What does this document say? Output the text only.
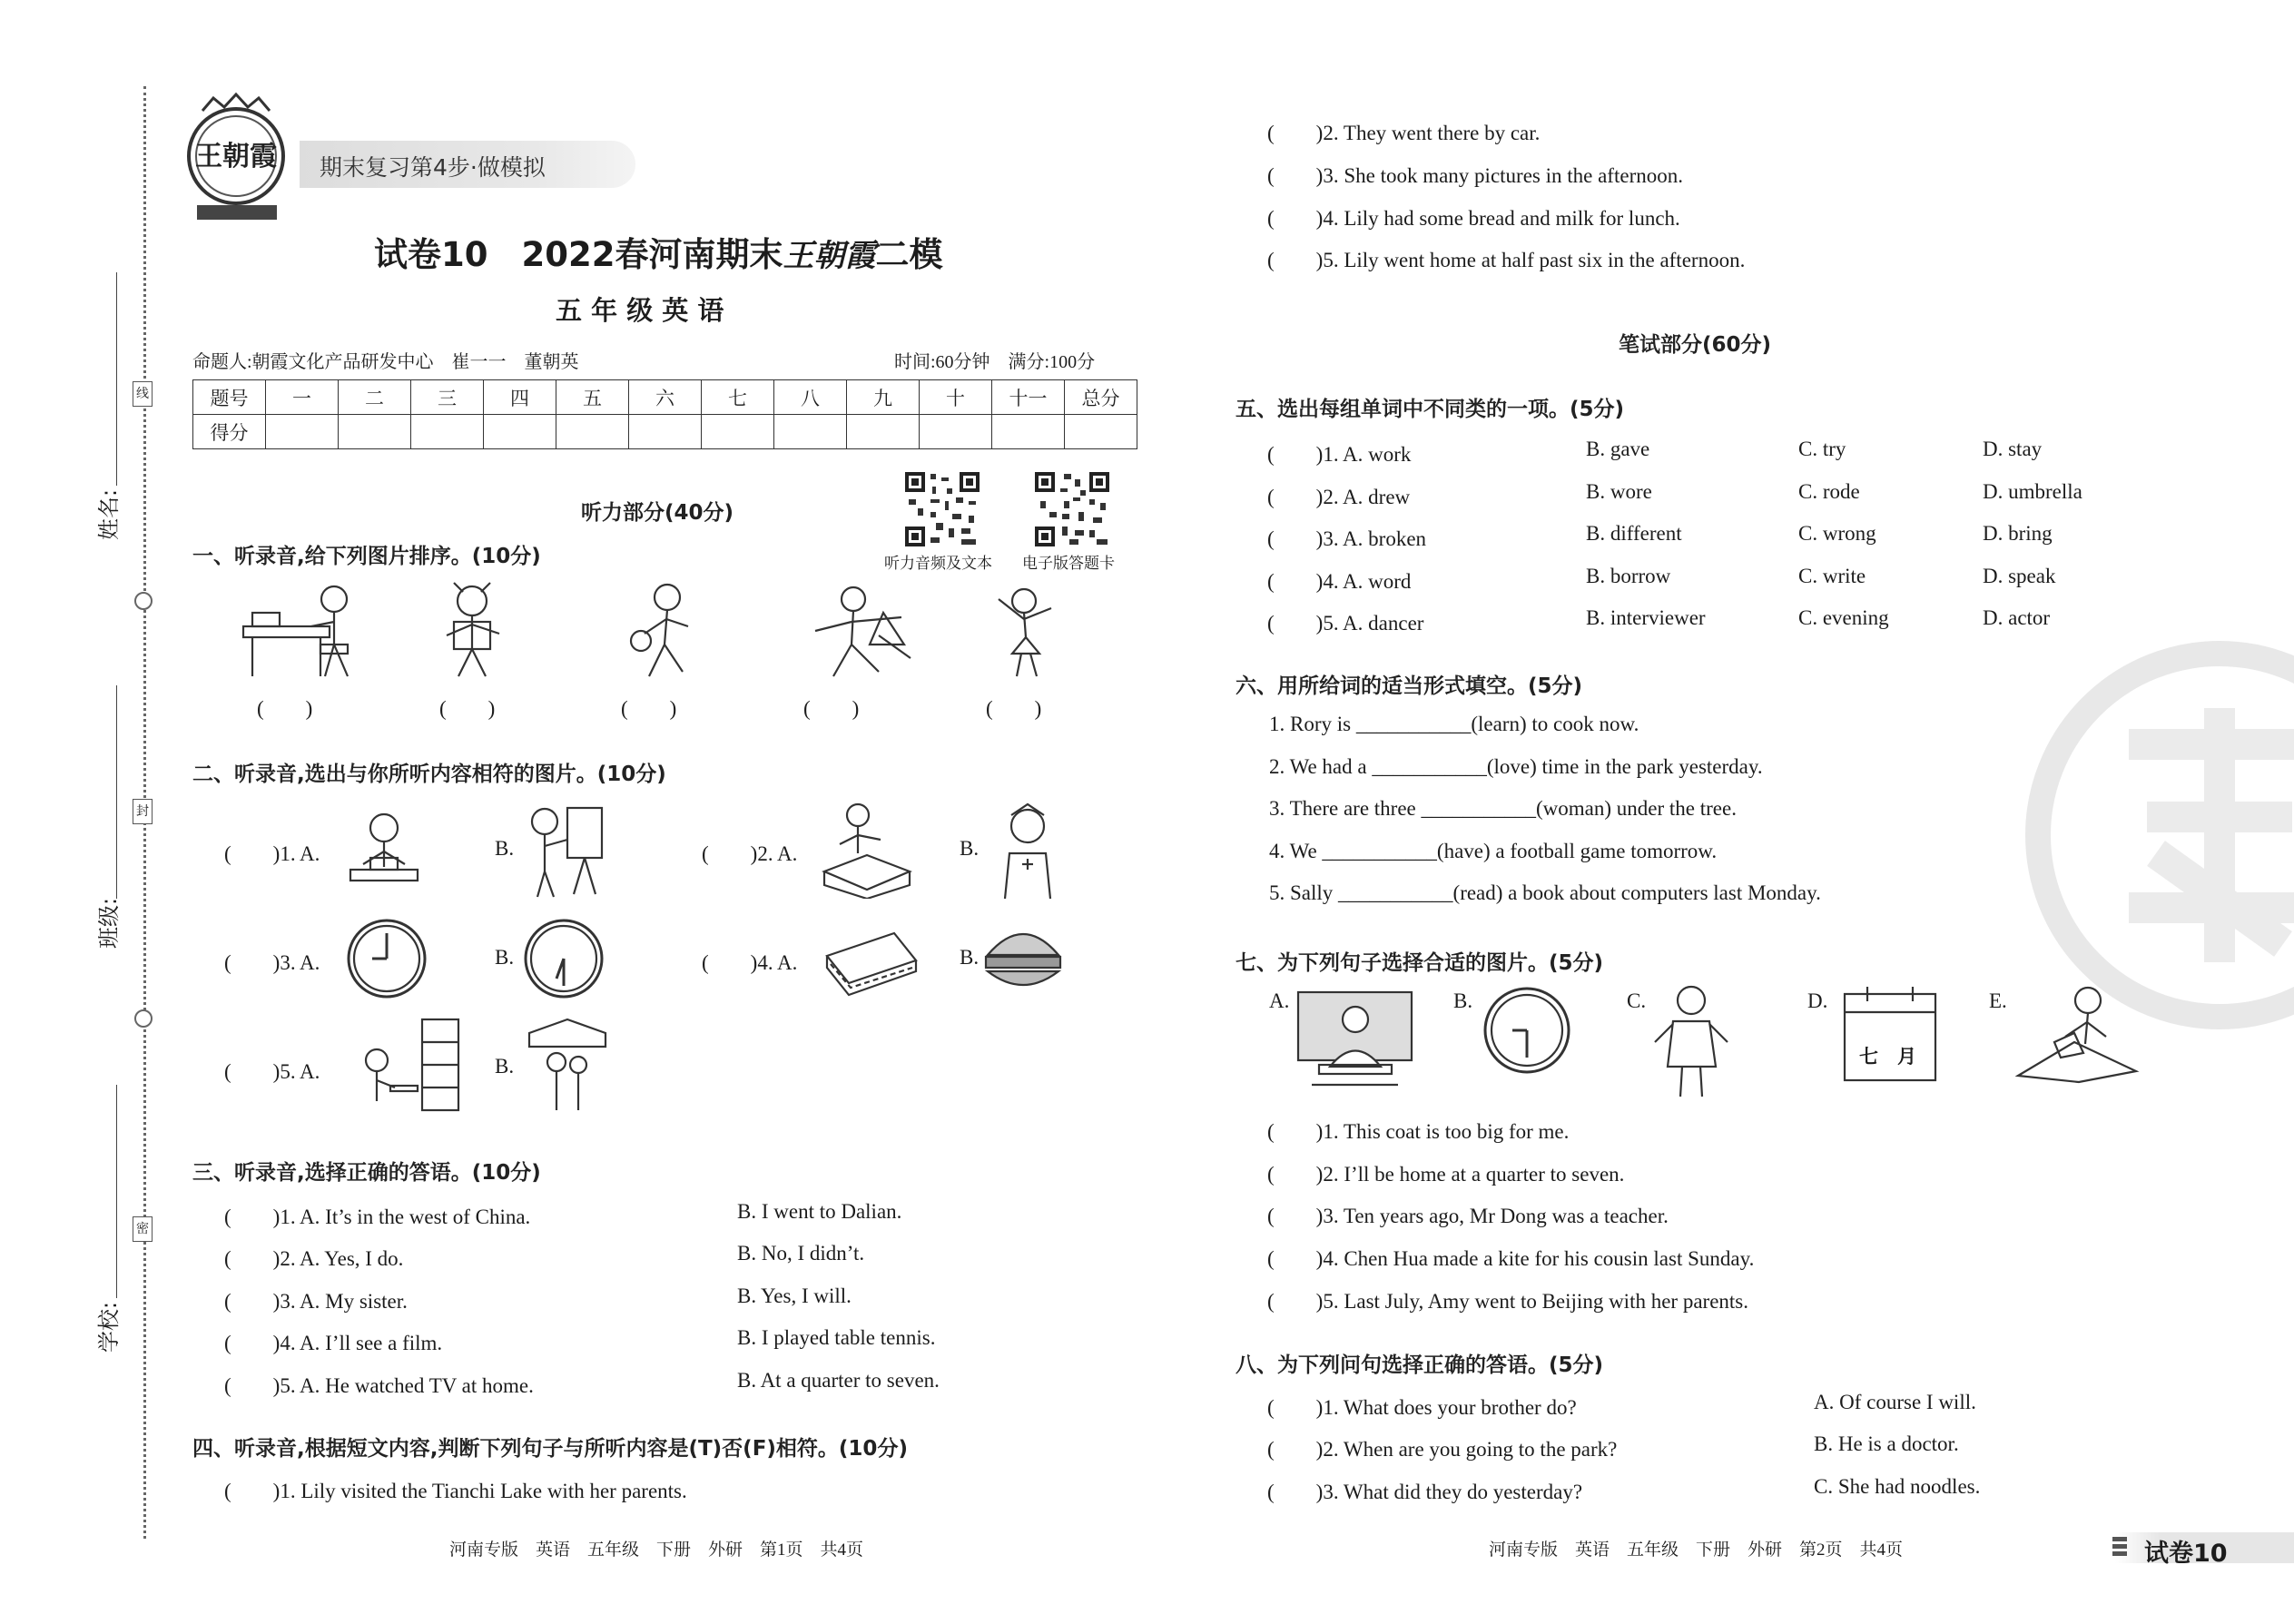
线
封
密
姓名:
班级:
学校:
王朝霞 期末复习第4步·做模拟
试卷10　2022春河南期末王朝霞二模
五 年 级 英 语
命题人:朝霞文化产品研发中心　崔一一　董朝英	时间:60分钟　满分:100分
题号	一	二	三	四	五	六	七	八	九	十	十一	总分
得分												
听力音频及文本 电子版答题卡
听力部分(40分)
一、听录音,给下列图片排序。(10分)
(　　)	(　　)	(　　)	(　　)	(　　)
二、听录音,选出与你所听内容相符的图片。(10分)
(　　)1. A.	B.	(　　)2. A.	B.
(　　)3. A.	B.	(　　)4. A.	B.
(　　)5. A.	B.
三、听录音,选择正确的答语。(10分)
(　　)1. A. It’s in the west of China.	B. I went to Dalian.
(　　)2. A. Yes, I do.	B. No, I didn’t.
(　　)3. A. My sister.	B. Yes, I will.
(　　)4. A. I’ll see a film.	B. I played table tennis.
(　　)5. A. He watched TV at home.	B. At a quarter to seven.
四、听录音,根据短文内容,判断下列句子与所听内容是(T)否(F)相符。(10分)
(　　)1. Lily visited the Tianchi Lake with her parents.
(　　)2. They went there by car.
(　　)3. She took many pictures in the afternoon.
(　　)4. Lily had some bread and milk for lunch.
(　　)5. Lily went home at half past six in the afternoon.
笔试部分(60分)
五、选出每组单词中不同类的一项。(5分)
(　　)1. A. work	B. gave	C. try	D. stay
(　　)2. A. drew	B. wore	C. rode	D. umbrella
(　　)3. A. broken	B. different	C. wrong	D. bring
(　　)4. A. word	B. borrow	C. write	D. speak
(　　)5. A. dancer	B. interviewer	C. evening	D. actor
六、用所给词的适当形式填空。(5分)
1. Rory is ___________(learn) to cook now.
2. We had a ___________(love) time in the park yesterday.
3. There are three ___________(woman) under the tree.
4. We ___________(have) a football game tomorrow.
5. Sally ___________(read) a book about computers last Monday.
七、为下列句子选择合适的图片。(5分)
A.	B.	C.	D.
七　月
E.
(　　)1. This coat is too big for me.
(　　)2. I’ll be home at a quarter to seven.
(　　)3. Ten years ago, Mr Dong was a teacher.
(　　)4. Chen Hua made a kite for his cousin last Sunday.
(　　)5. Last July, Amy went to Beijing with her parents.
八、为下列问句选择正确的答语。(5分)
(　　)1. What does your brother do?	A. Of course I will.
(　　)2. When are you going to the park?	B. He is a doctor.
(　　)3. What did they do yesterday?	C. She had noodles.
河南专版　英语　五年级　下册　外研　第1页　共4页	河南专版　英语　五年级　下册　外研　第2页　共4页	试卷10
